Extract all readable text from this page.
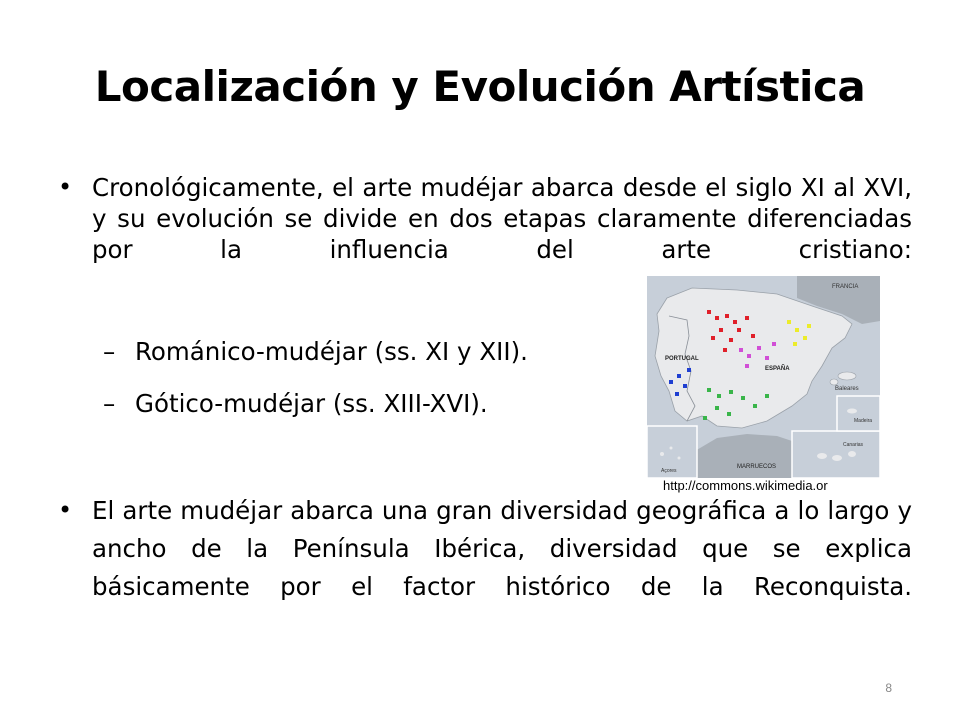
Localización y Evolución Artística
• Cronológicamente, el arte mudéjar abarca desde el siglo XI al XVI, y su evolución se divide en dos etapas claramente diferenciadas por la influencia del arte cristiano:

– Románico-mudéjar (ss. XI y XII).
– Gótico-mudéjar (ss. XIII-XVI).
• El arte mudéjar abarca una gran diversidad geográfica a lo largo y ancho de la Península Ibérica, diversidad que se explica básicamente por el factor histórico de la Reconquista.

FRANCIA
PORTUGAL
ESPAÑA
Baleares
Madeira
Canarias
Açores
MARRUECOS
http://commons.wikimedia.or
8
